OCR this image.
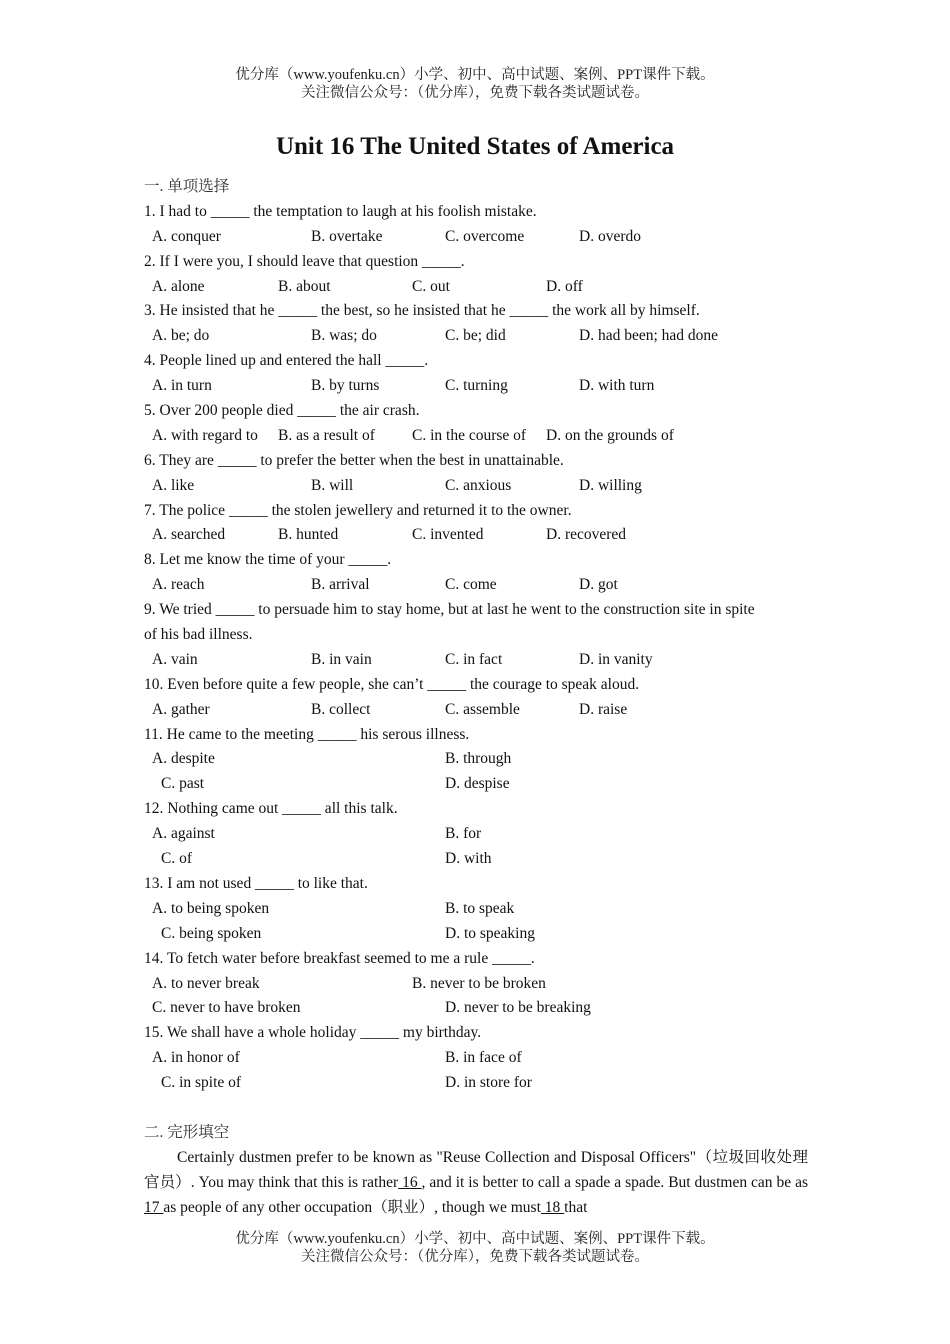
优分库（www.youfenku.cn）小学、初中、高中试题、案例、PPT课件下载。
关注微信公众号：（优分库），免费下载各类试题试卷。
Unit 16 The United States of America
一. 单项选择
1. I had to _____ the temptation to laugh at his foolish mistake.
A. conquer	B. overtake	C. overcome	D. overdo
2. If I were you, I should leave that question _____.
A. alone	B. about	C. out	D. off
3. He insisted that he _____ the best, so he insisted that he _____ the work all by himself.
A. be; do	B. was; do	C. be; did	D. had been; had done
4. People lined up and entered the hall _____.
A. in turn	B. by turns	C. turning	D. with turn
5. Over 200 people died _____ the air crash.
A. with regard to B. as a result of C. in the course of D. on the grounds of
6. They are _____ to prefer the better when the best in unattainable.
A. like	B. will	C. anxious	D. willing
7. The police _____ the stolen jewellery and returned it to the owner.
A. searched	B. hunted	C. invented	D. recovered
8. Let me know the time of your _____.
A. reach	B. arrival	C. come	D. got
9. We tried _____ to persuade him to stay home, but at last he went to the construction site in spite
of his bad illness.
A. vain	B. in vain	C. in fact	D. in vanity
10. Even before quite a few people, she can’t _____ the courage to speak aloud.
A. gather	B. collect	C. assemble	D. raise
11. He came to the meeting _____ his serous illness.
A. despite	B. through
C. past	D. despise
12. Nothing came out _____ all this talk.
A. against	B. for
C. of	D. with
13. I am not used _____ to like that.
A. to being spoken	B. to speak
C. being spoken	D. to speaking
14. To fetch water before breakfast seemed to me a rule _____.
A. to never break	B. never to be broken
C. never to have broken	D. never to be breaking
15. We shall have a whole holiday _____ my birthday.
A. in honor of	B. in face of
C. in spite of	D. in store for
二. 完形填空
Certainly dustmen prefer to be known as "Reuse Collection and Disposal Officers"（垃圾回收处理官员）. You may think that this is rather 16 , and it is better to call a spade a spade. But dustmen can be as 17 as people of any other occupation（职业）, though we must 18 that
优分库（www.youfenku.cn）小学、初中、高中试题、案例、PPT课件下载。
关注微信公众号：（优分库），免费下载各类试题试卷。
